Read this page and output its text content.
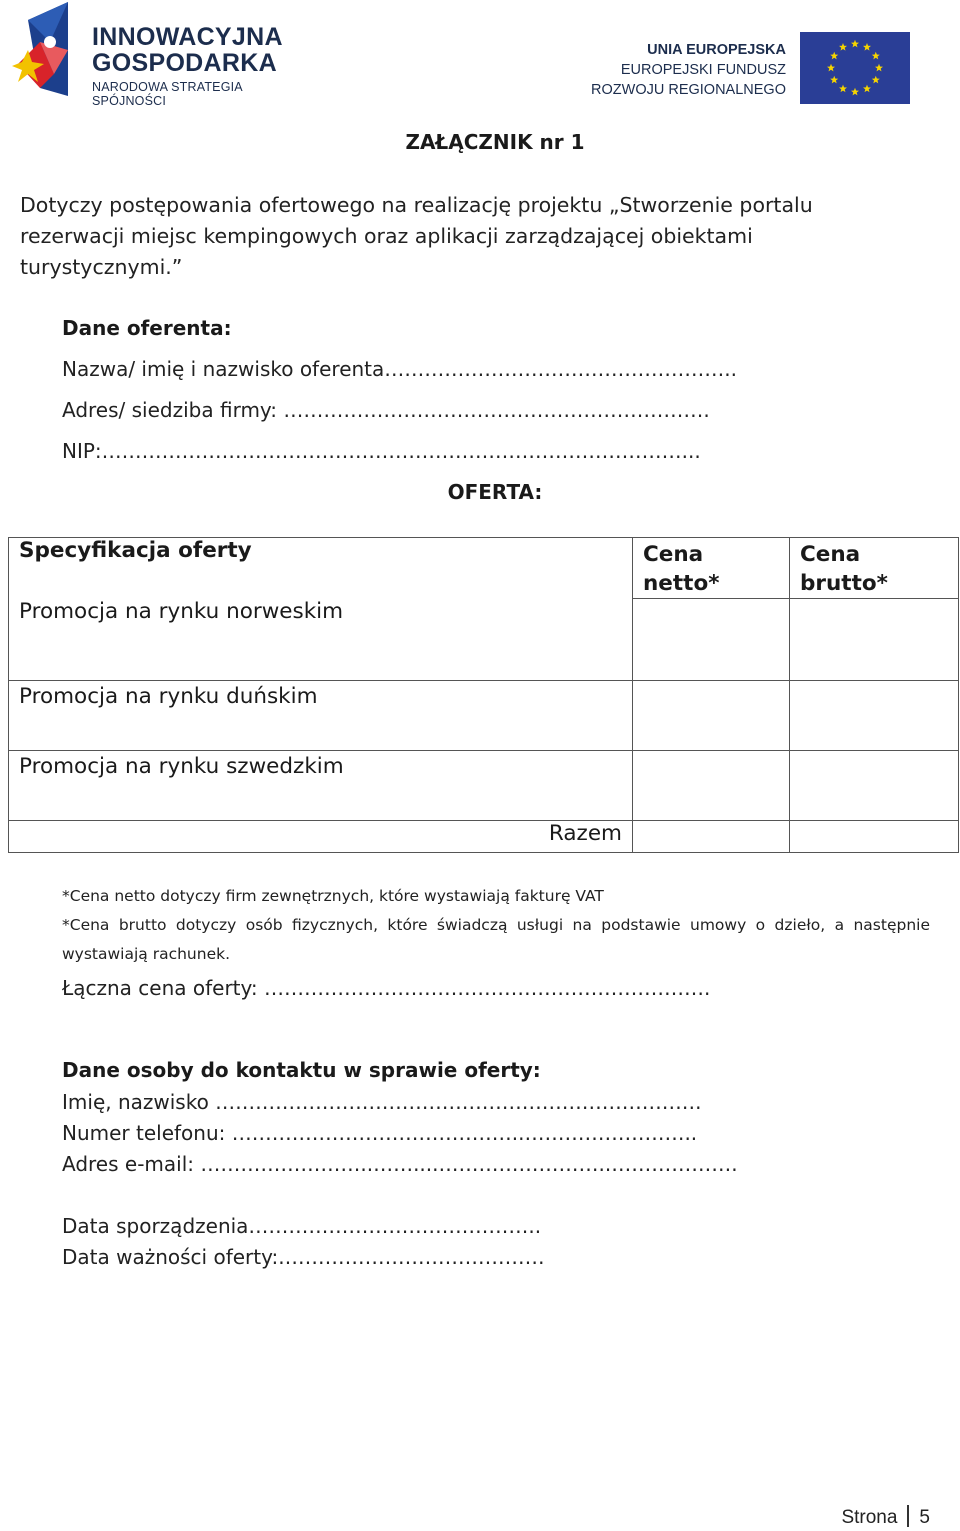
INNOWACYJNA
GOSPODARKA
NARODOWA STRATEGIA SPÓJNOŚCI
UNIA EUROPEJSKA
EUROPEJSKI FUNDUSZ
ROZWOJU REGIONALNEGO
ZAŁĄCZNIK nr 1
Dotyczy postępowania ofertowego na realizację projektu „Stworzenie portalu rezerwacji miejsc kempingowych oraz aplikacji zarządzającej obiektami turystycznymi.”
Dane oferenta:
Nazwa/ imię i nazwisko oferenta……………………………………………..
Adres/ siedziba firmy: ……………………………………………………….
NIP:……………………………………………………………………………...
OFERTA:
Specyfikacja oferty	Cena netto*	Cena brutto*
Promocja na rynku norweskim		
Promocja na rynku duńskim		
Promocja na rynku szwedzkim		
Razem		
*Cena netto dotyczy firm zewnętrznych, które wystawiają fakturę VAT
*Cena brutto dotyczy osób fizycznych, które świadczą usługi na podstawie umowy o dzieło, a następnie wystawiają rachunek.
Łączna cena oferty: ………………………………………………………….
Dane osoby do kontaktu w sprawie oferty:
Imię, nazwisko ……………………………………………………………….
Numer telefonu: ……………………………………..……………………..
Adres e-mail: ……………………..……....……………………..……………….
Data sporządzenia……………………………………..
Data ważności oferty:.…………………………………
Strona 5
